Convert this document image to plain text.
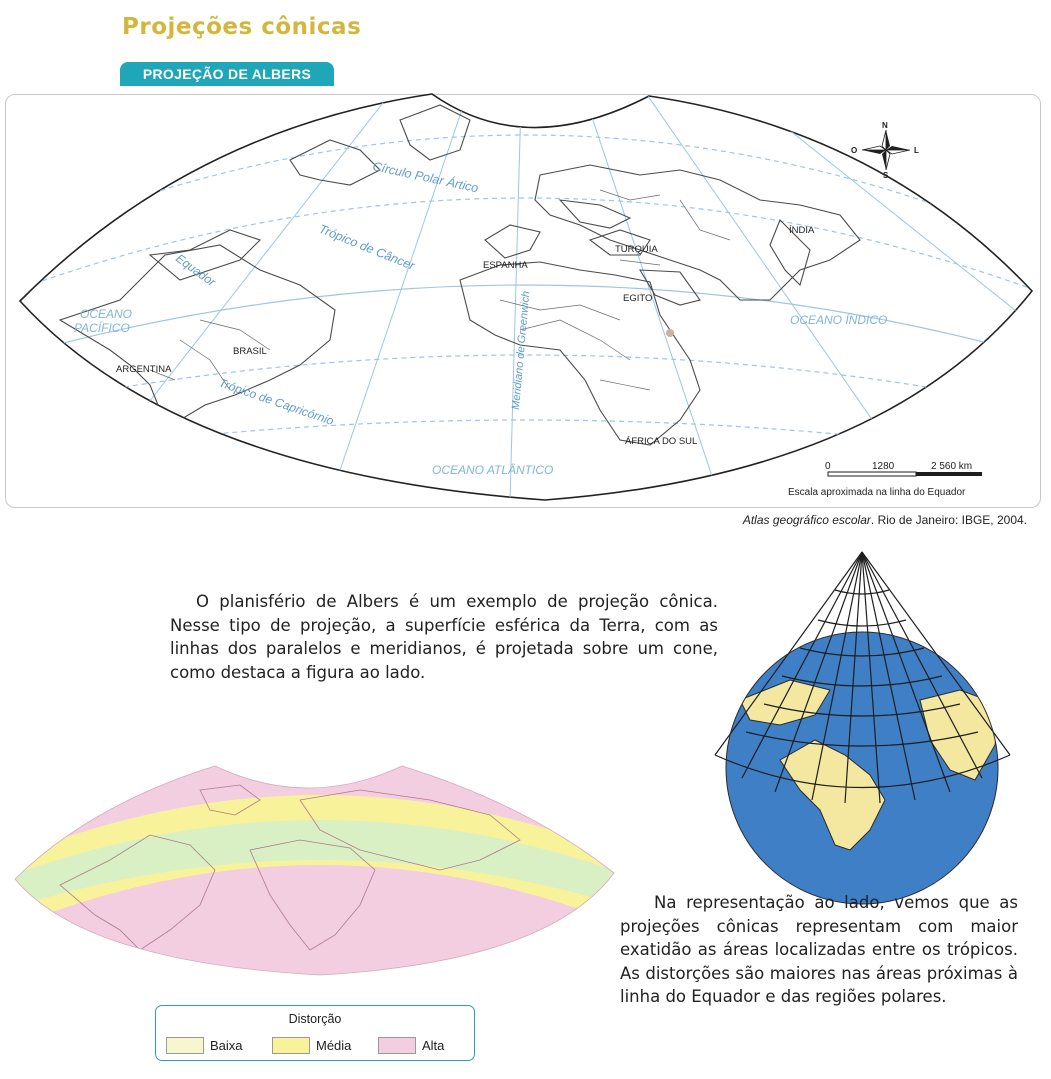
Projeções cônicas
PROJEÇÃO DE ALBERS
Círculo Polar Ártico
Trópico de Câncer
Equador
Trópico de Capricórnio	Meridiano de Greenwich
OCEANO
PACÍFICO
OCEANO ÍNDICO
OCEANO ATLÂNTICO
ÍNDIA
TURQUIA
ESPANHA
EGITO
BRASIL
ARGENTINA
ÁFRICA DO SUL
N
S
O	L
0	1280	2 560 km
Escala aproximada na linha do Equador
Atlas geográfico escolar. Rio de Janeiro: IBGE, 2004.

O planisfério de Albers é um exemplo de projeção cônica. Nesse tipo de projeção, a superfície esférica da Terra, com as linhas dos paralelos e meridianos, é projetada sobre um cone, como destaca a figura ao lado.

Na representação ao lado, vemos que as projeções cônicas representam com maior exatidão as áreas localizadas entre os trópicos. As distorções são maiores nas áreas próximas à linha do Equador e das regiões polares.

Distorção
Baixa	Média	Alta
